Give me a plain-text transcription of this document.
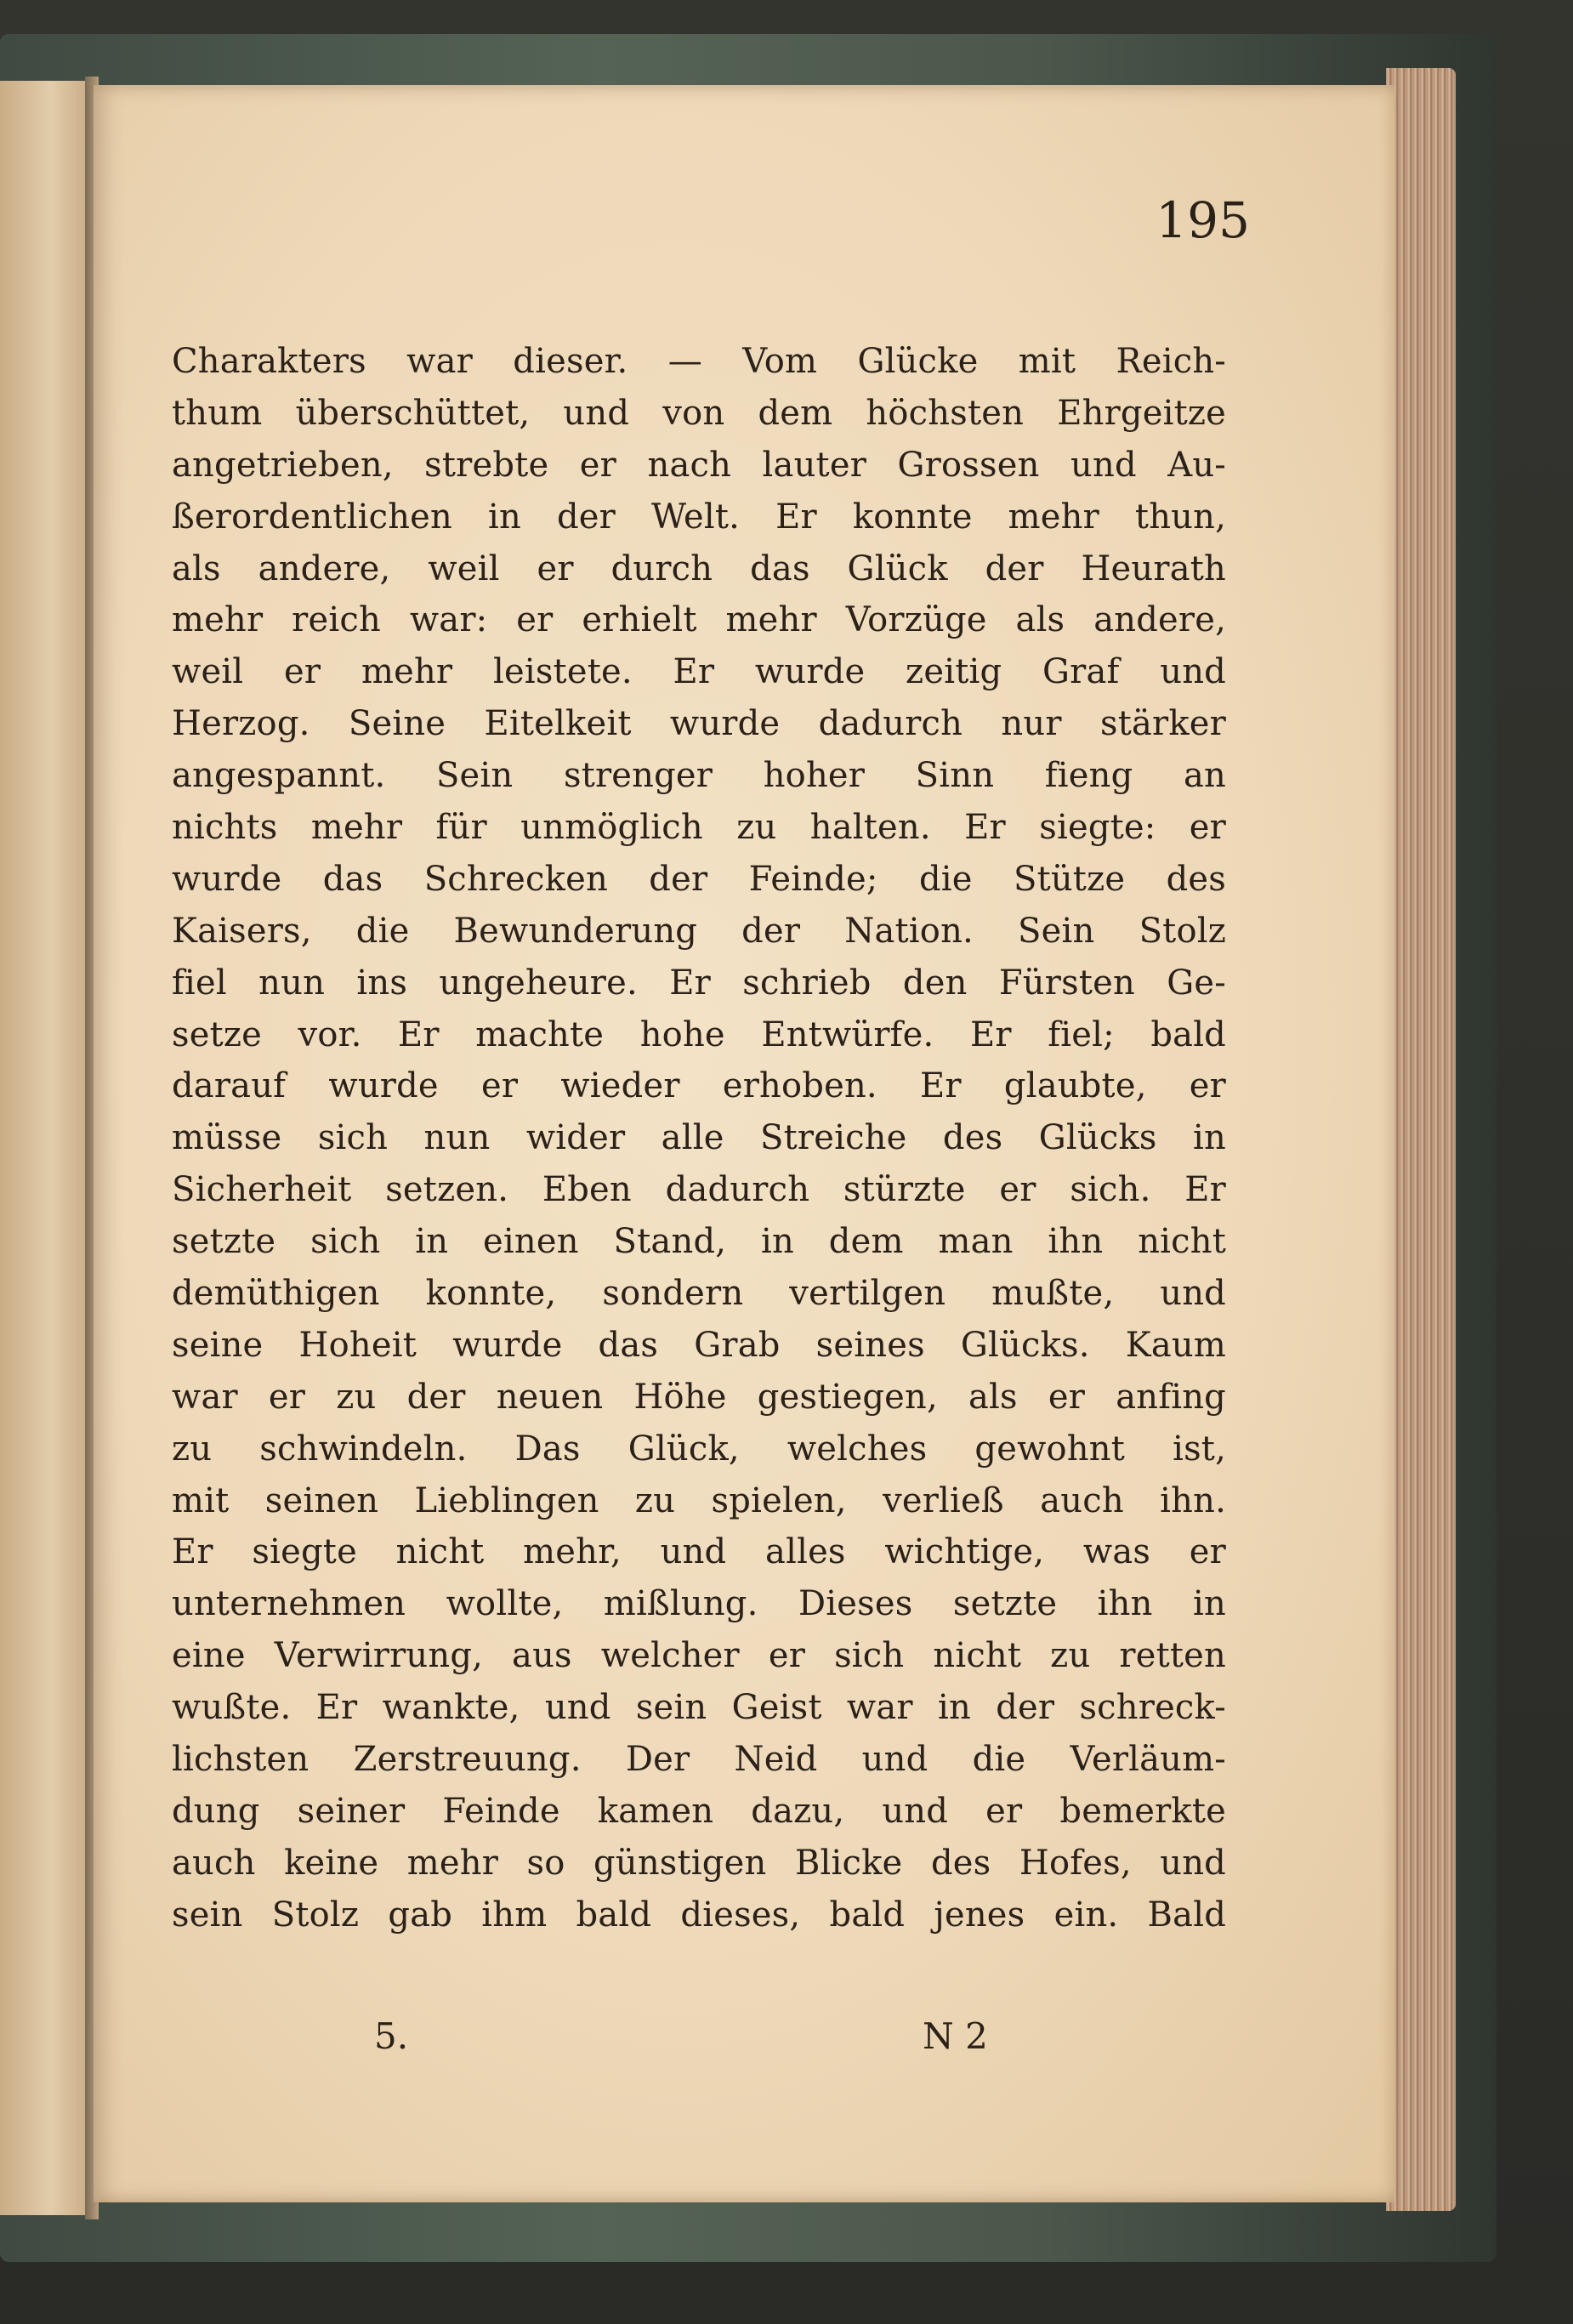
195

Charakters war dieser. — Vom Glücke mit Reich-
thum überschüttet, und von dem höchsten Ehrgeitze
angetrieben, strebte er nach lauter Grossen und Au-
ßerordentlichen in der Welt. Er konnte mehr thun,
als andere, weil er durch das Glück der Heurath
mehr reich war: er erhielt mehr Vorzüge als andere,
weil er mehr leistete. Er wurde zeitig Graf und
Herzog. Seine Eitelkeit wurde dadurch nur stärker
angespannt. Sein strenger hoher Sinn fieng an
nichts mehr für unmöglich zu halten. Er siegte: er
wurde das Schrecken der Feinde; die Stütze des
Kaisers, die Bewunderung der Nation. Sein Stolz
fiel nun ins ungeheure. Er schrieb den Fürsten Ge-
setze vor. Er machte hohe Entwürfe. Er fiel; bald
darauf wurde er wieder erhoben. Er glaubte, er
müsse sich nun wider alle Streiche des Glücks in
Sicherheit setzen. Eben dadurch stürzte er sich. Er
setzte sich in einen Stand, in dem man ihn nicht
demüthigen konnte, sondern vertilgen mußte, und
seine Hoheit wurde das Grab seines Glücks. Kaum
war er zu der neuen Höhe gestiegen, als er anfing
zu schwindeln. Das Glück, welches gewohnt ist,
mit seinen Lieblingen zu spielen, verließ auch ihn.
Er siegte nicht mehr, und alles wichtige, was er
unternehmen wollte, mißlung. Dieses setzte ihn in
eine Verwirrung, aus welcher er sich nicht zu retten
wußte. Er wankte, und sein Geist war in der schreck-
lichsten Zerstreuung. Der Neid und die Verläum-
dung seiner Feinde kamen dazu, und er bemerkte
auch keine mehr so günstigen Blicke des Hofes, und
sein Stolz gab ihm bald dieses, bald jenes ein. Bald

5.	N 2
